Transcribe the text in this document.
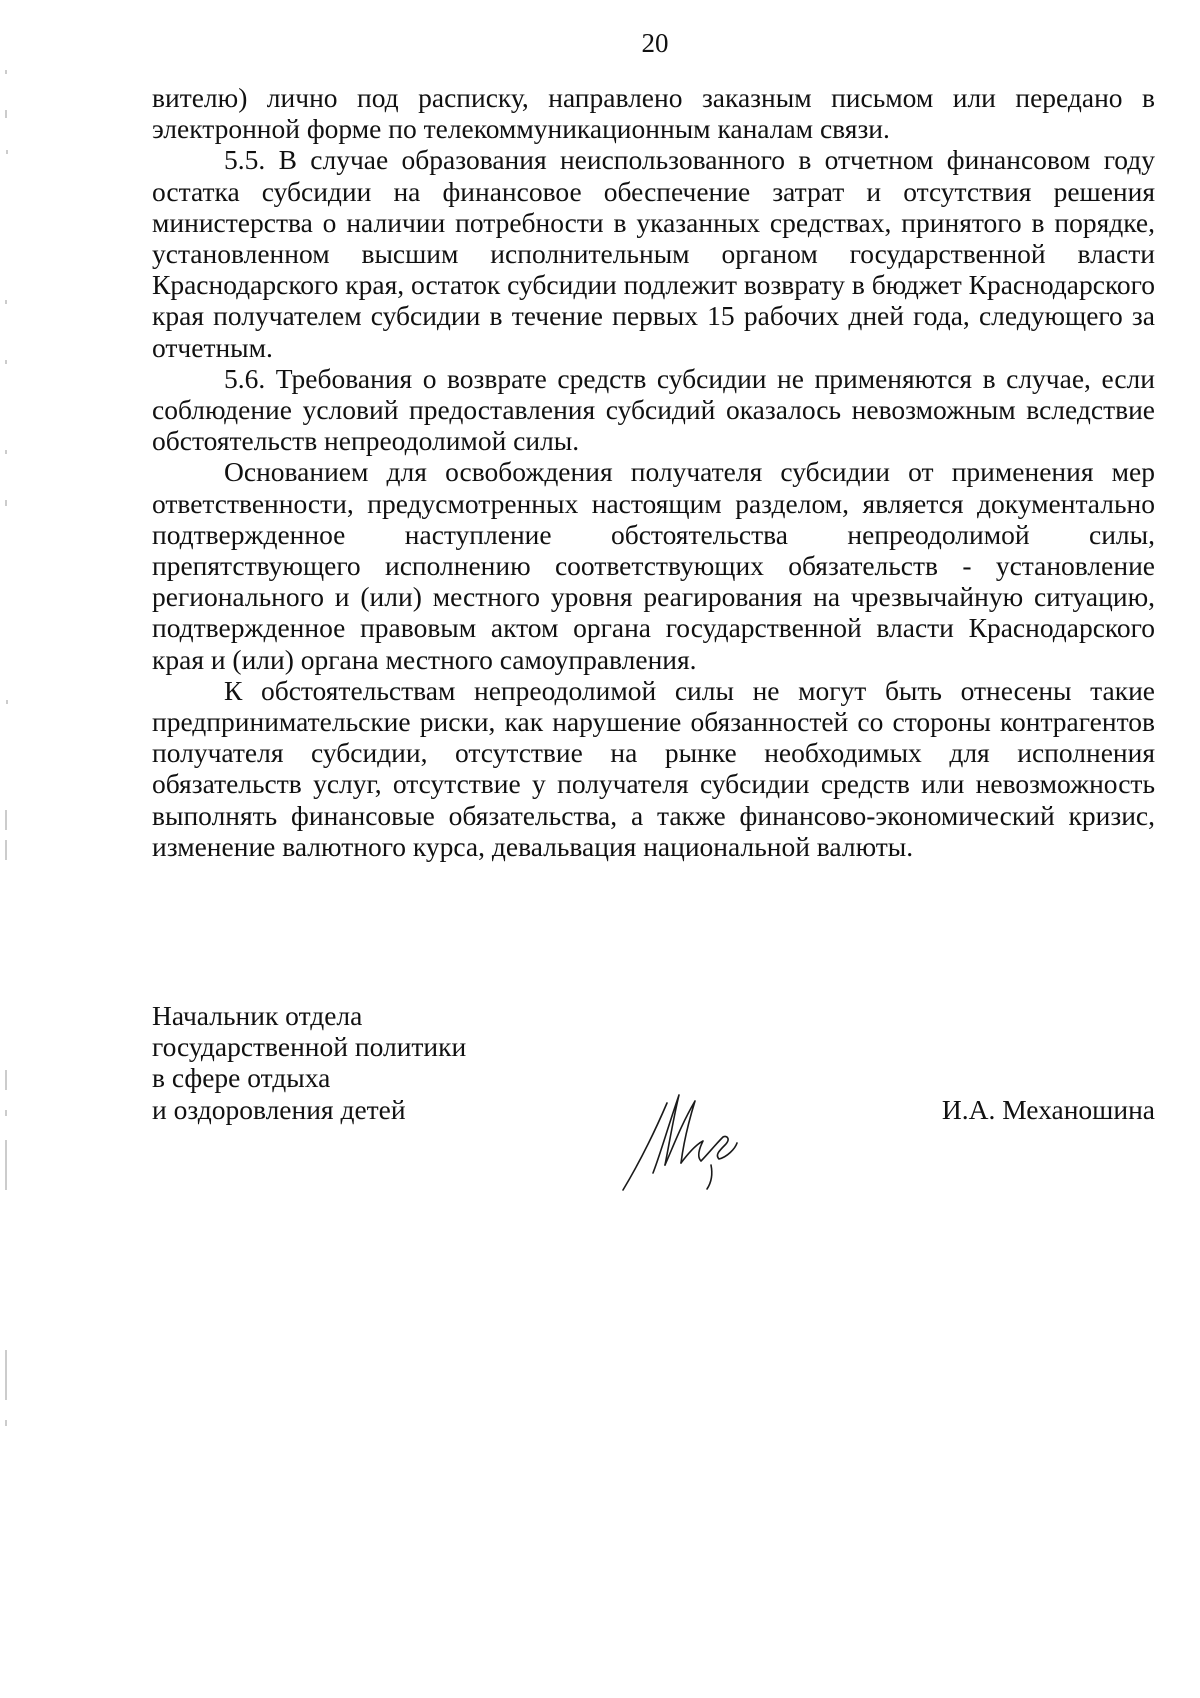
20

вителю) лично под расписку, направлено заказным письмом или передано в электронной форме по телекоммуникационным каналам связи.

5.5. В случае образования неиспользованного в отчетном финансовом году остатка субсидии на финансовое обеспечение затрат и отсутствия решения министерства о наличии потребности в указанных средствах, принятого в порядке, установленном высшим исполнительным органом государственной власти Краснодарского края, остаток субсидии подлежит возврату в бюджет Краснодарского края получателем субсидии в течение первых 15 рабочих дней года, следующего за отчетным.

5.6. Требования о возврате средств субсидии не применяются в случае, если соблюдение условий предоставления субсидий оказалось невозможным вследствие обстоятельств непреодолимой силы.

Основанием для освобождения получателя субсидии от применения мер ответственности, предусмотренных настоящим разделом, является документально подтвержденное наступление обстоятельства непреодолимой силы, препятствующего исполнению соответствующих обязательств - установление регионального и (или) местного уровня реагирования на чрезвычайную ситуацию, подтвержденное правовым актом органа государственной власти Краснодарского края и (или) органа местного самоуправления.

К обстоятельствам непреодолимой силы не могут быть отнесены такие предпринимательские риски, как нарушение обязанностей со стороны контрагентов получателя субсидии, отсутствие на рынке необходимых для исполнения обязательств услуг, отсутствие у получателя субсидии средств или невозможность выполнять финансовые обязательства, а также финансово-экономический кризис, изменение валютного курса, девальвация национальной валюты.

Начальник отдела
государственной политики
в сфере отдыха
и оздоровления детей	И.А. Механошина
